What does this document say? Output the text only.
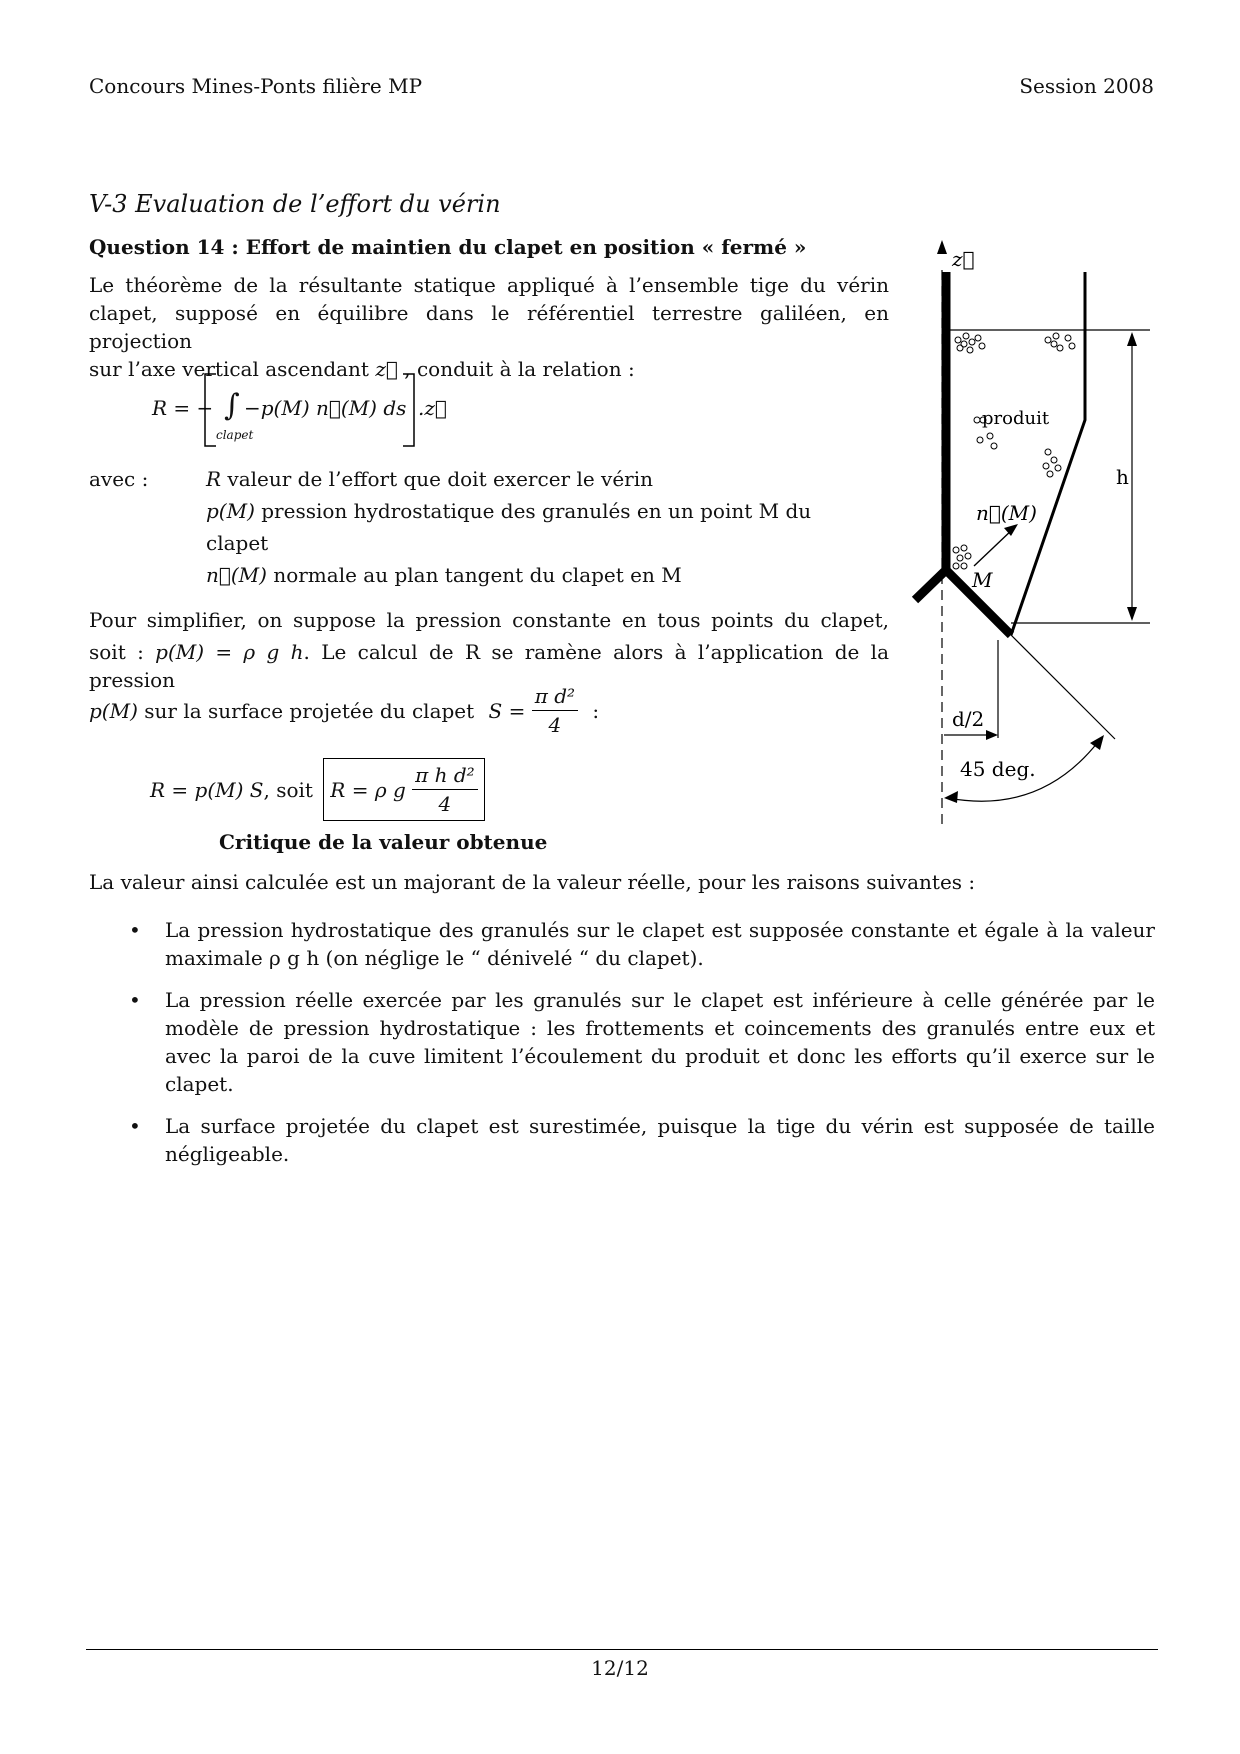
Concours Mines-Ponts filière MP	Session 2008
V-3 Evaluation de l’effort du vérin
Question 14 : Effort de maintien du clapet en position « fermé »

Le théorème de la résultante statique appliqué à l’ensemble tige du vérin

clapet, supposé en équilibre dans le référentiel terrestre galiléen, en projection

sur l’axe vertical ascendant z⃗ , conduit à la relation :

R = − ∫
clapet
−p(M) n⃗(M) ds .z⃗
avec :	R valeur de l’effort que doit exercer le vérin

p(M) pression hydrostatique des granulés en un point M du

clapet

n⃗(M) normale au plan tangent du clapet en M

Pour simplifier, on suppose la pression constante en tous points du clapet,

soit : p(M) = ρ g h. Le calcul de R se ramène alors à l’application de la pression

p(M) sur la surface projetée du clapet $S = \frac{\text{π d²}}{4}$ :
R = p(M) S, soit R = ρ g $\frac{\text{π h d²}}{4}$
Critique de la valeur obtenue
La valeur ainsi calculée est un majorant de la valeur réelle, pour les raisons suivantes :
• La pression hydrostatique des granulés sur le clapet est supposée constante et égale à la valeur maximale ρ g h (on néglige le “ dénivelé “ du clapet).
• La pression réelle exercée par les granulés sur le clapet est inférieure à celle générée par le modèle de pression hydrostatique : les frottements et coincements des granulés entre eux et avec la paroi de la cuve limitent l’écoulement du produit et donc les efforts qu’il exerce sur le clapet.
• La surface projetée du clapet est surestimée, puisque la tige du vérin est supposée de taille négligeable.
z⃗
h
produit
n⃗(M)
M
d/2
45 deg.
12/12
